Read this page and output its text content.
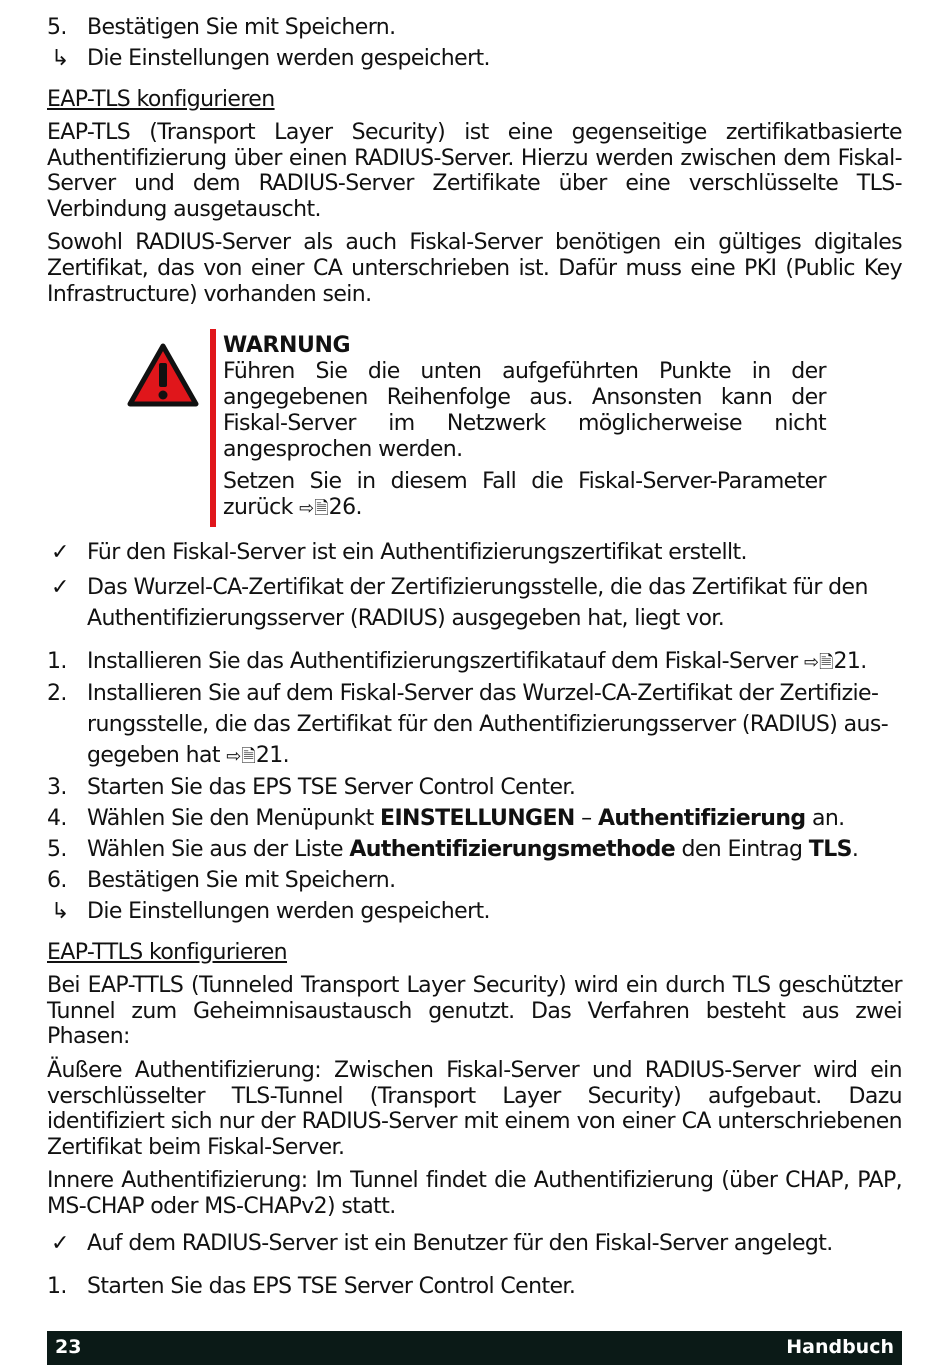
5. Bestätigen Sie mit Speichern.
↳ Die Einstellungen werden gespeichert.
EAP-TLS konfigurieren

EAP-TLS (Transport Layer Security) ist eine gegenseitige zertifikatbasierte Authentifizierung über einen RADIUS-Server. Hierzu werden zwischen dem Fiskal-Server und dem RADIUS-Server Zertifikate über eine verschlüsselte TLS-Verbindung ausgetauscht.

Sowohl RADIUS-Server als auch Fiskal-Server benötigen ein gültiges digitales Zertifikat, das von einer CA unterschrieben ist. Dafür muss eine PKI (Public Key Infrastructure) vorhanden sein.

WARNUNG

Führen Sie die unten aufgeführten Punkte in der angegebenen Reihenfolge aus. Ansonsten kann der Fiskal-Server im Netzwerk möglicherweise nicht angesprochen werden.

Setzen Sie in diesem Fall die Fiskal-Server-Parameter zurück ⇨🗎26.

✓ Für den Fiskal-Server ist ein Authentifizierungszertifikat erstellt.
✓ Das Wurzel-CA-Zertifikat der Zertifizierungsstelle, die das Zertifikat für den Authentifizierungsserver (RADIUS) ausgegeben hat, liegt vor.
1. Installieren Sie das Authentifizierungszertifikatauf dem Fiskal-Server ⇨🗎21.
2. Installieren Sie auf dem Fiskal-Server das Wurzel-CA-Zertifikat der Zertifizierungsstelle, die das Zertifikat für den Authentifizierungsserver (RADIUS) ausgegeben hat ⇨🗎21.
3. Starten Sie das EPS TSE Server Control Center.
4. Wählen Sie den Menüpunkt EINSTELLUNGEN – Authentifizierung an.
5. Wählen Sie aus der Liste Authentifizierungsmethode den Eintrag TLS.
6. Bestätigen Sie mit Speichern.
↳ Die Einstellungen werden gespeichert.
EAP-TTLS konfigurieren

Bei EAP-TTLS (Tunneled Transport Layer Security) wird ein durch TLS geschützter Tunnel zum Geheimnisaustausch genutzt. Das Verfahren besteht aus zwei Phasen:

Äußere Authentifizierung: Zwischen Fiskal-Server und RADIUS-Server wird ein verschlüsselter TLS-Tunnel (Transport Layer Security) aufgebaut. Dazu identifiziert sich nur der RADIUS-Server mit einem von einer CA unterschriebenen Zertifikat beim Fiskal-Server.

Innere Authentifizierung: Im Tunnel findet die Authentifizierung (über CHAP, PAP, MS-CHAP oder MS-CHAPv2) statt.

✓ Auf dem RADIUS-Server ist ein Benutzer für den Fiskal-Server angelegt.
1. Starten Sie das EPS TSE Server Control Center.
23	Handbuch
